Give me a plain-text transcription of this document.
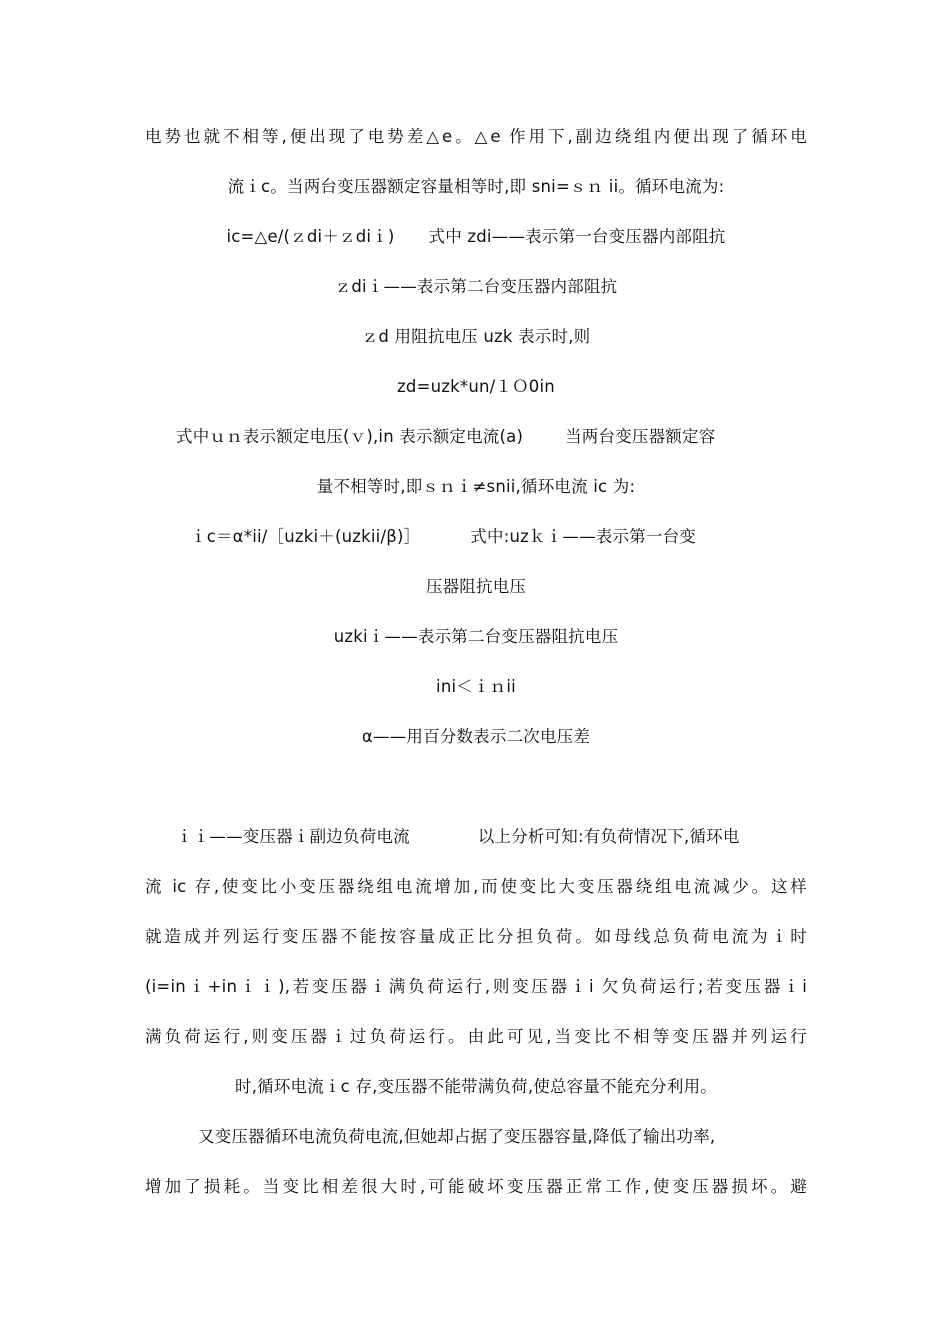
电势也就不相等,便出现了电势差△e。△e 作用下,副边绕组内便出现了循环电
流ｉc。当两台变压器额定容量相等时,即 sni=ｓｎ ii。循环电流为:
ic=△e/(ｚdi＋ｚdiｉ) 式中 zdi——表示第一台变压器内部阻抗
ｚdiｉ——表示第二台变压器内部阻抗
ｚd 用阻抗电压 uzk 表示时,则
zd=uzk*un/１Ｏ0in
式中ｕｎ表示额定电压(ｖ),in 表示额定电流(a)	当两台变压器额定容
量不相等时,即ｓｎｉ≠snii,循环电流 ic 为:
ｉc＝α*ii/［uzki＋(uzkii/β)］	式中:uzｋｉ——表示第一台变
压器阻抗电压
uzkiｉ——表示第二台变压器阻抗电压
ini＜ｉｎii
α——用百分数表示二次电压差
ｉｉ——变压器ｉ副边负荷电流	以上分析可知:有负荷情况下,循环电
流 ic 存,使变比小变压器绕组电流增加,而使变比大变压器绕组电流减少。这样
就造成并列运行变压器不能按容量成正比分担负荷。如母线总负荷电流为ｉ时
(i=inｉ+inｉｉ),若变压器ｉ满负荷运行,则变压器ｉi 欠负荷运行;若变压器ｉi
满负荷运行,则变压器ｉ过负荷运行。由此可见,当变比不相等变压器并列运行
时,循环电流ｉc 存,变压器不能带满负荷,使总容量不能充分利用。
又变压器循环电流负荷电流,但她却占据了变压器容量,降低了输出功率,
增加了损耗。当变比相差很大时,可能破坏变压器正常工作,使变压器损坏。避
